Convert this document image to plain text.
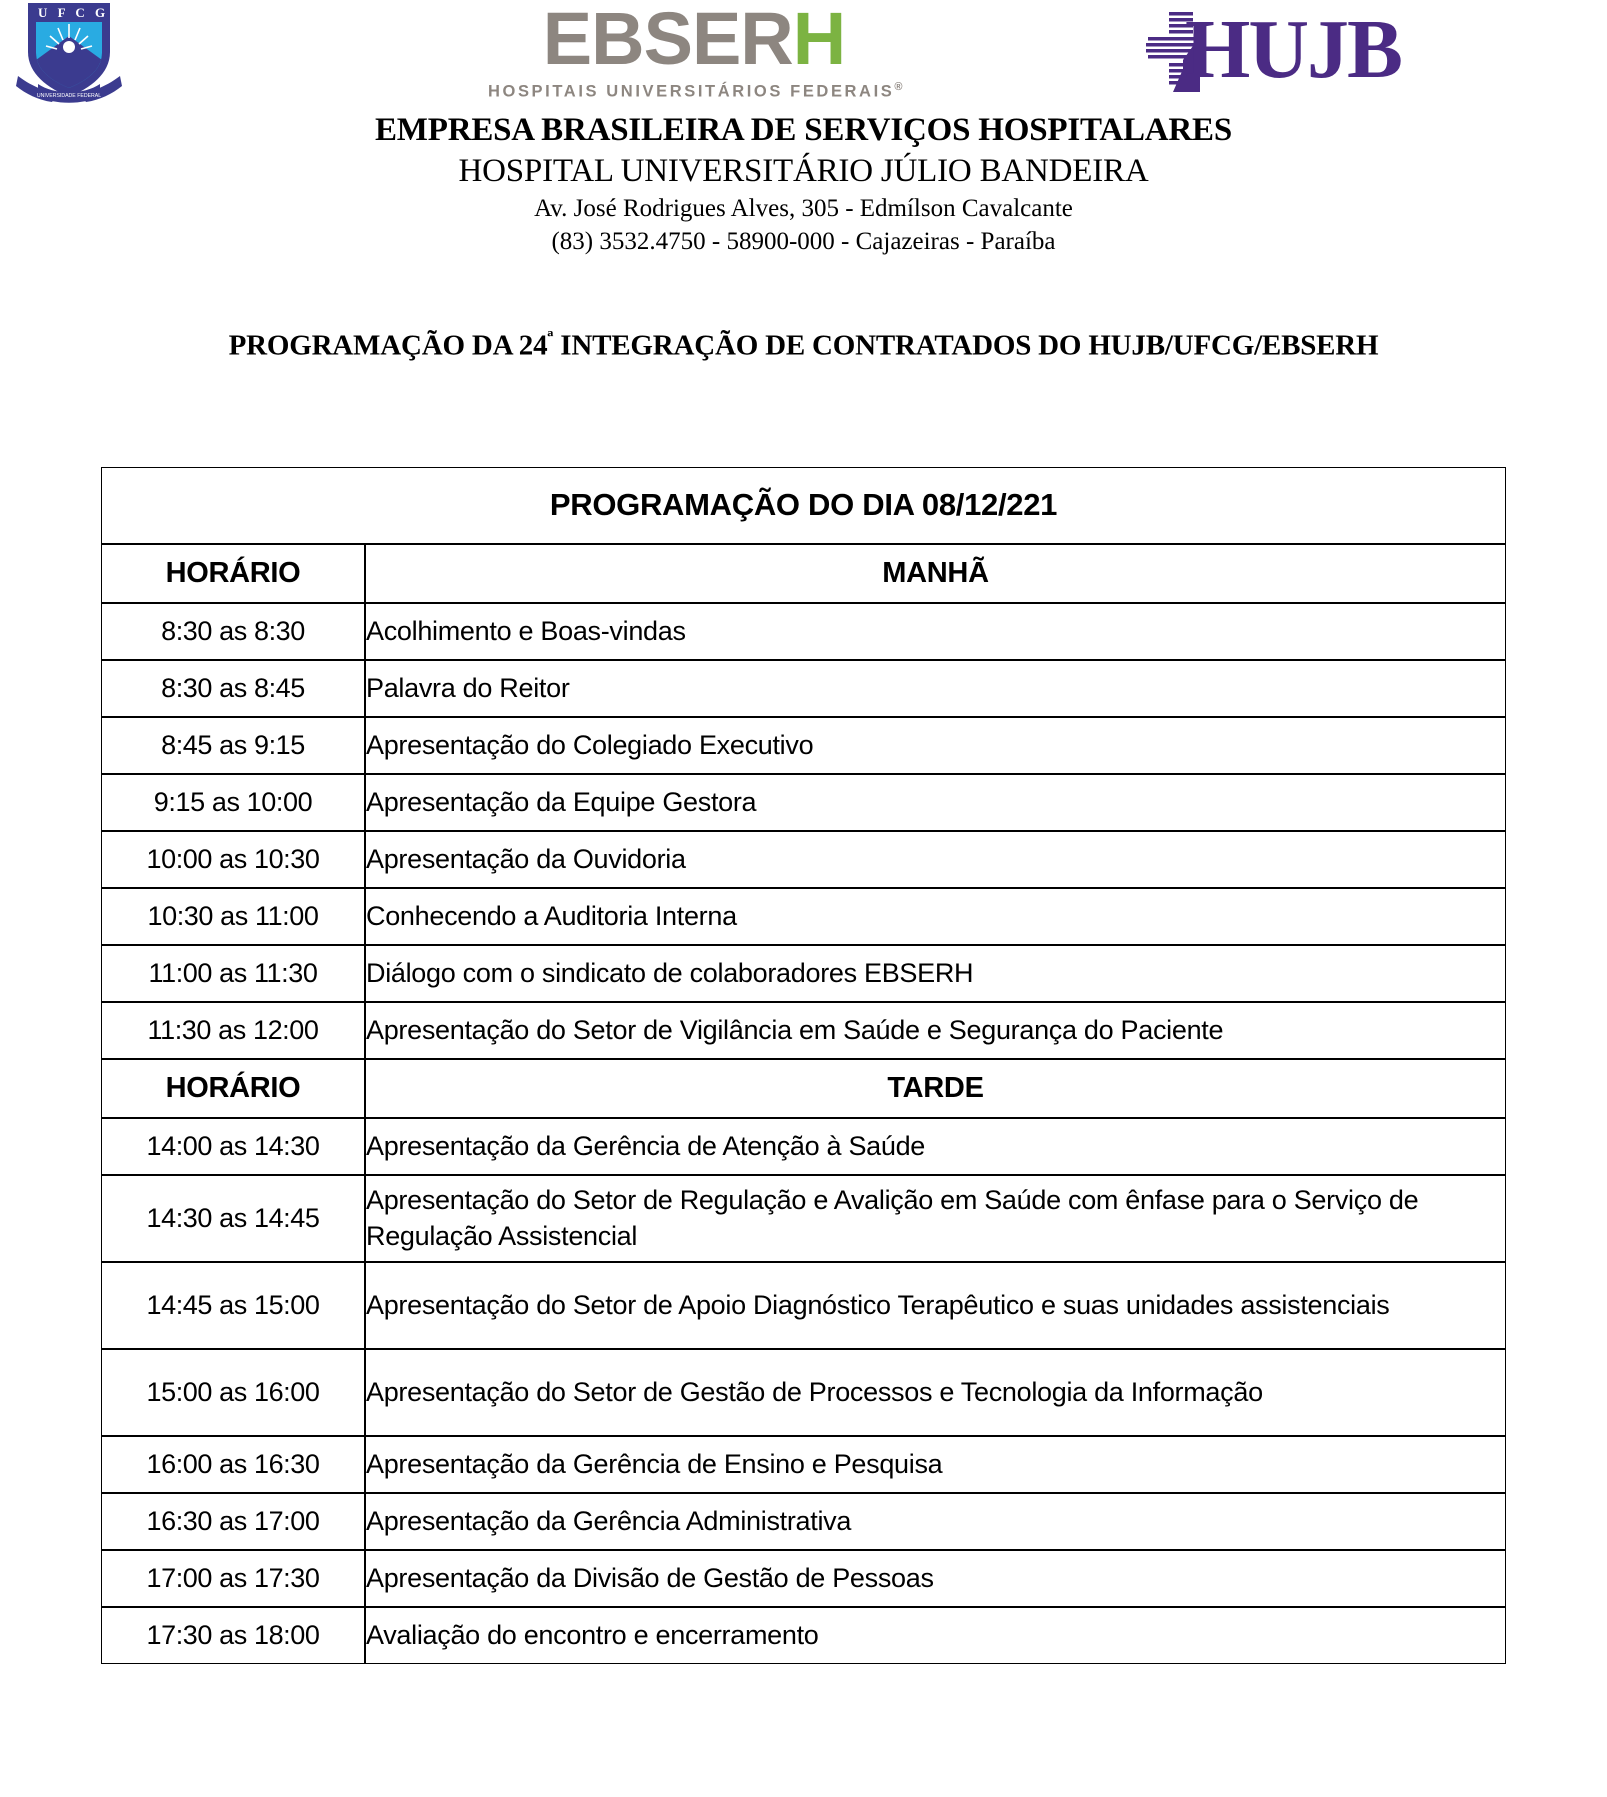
UNIVERSIDADE FEDERAL
U F C G	EBSERH
HOSPITAIS UNIVERSITÁRIOS FEDERAIS®	HUJB
EMPRESA BRASILEIRA DE SERVIÇOS HOSPITALARES
HOSPITAL UNIVERSITÁRIO JÚLIO BANDEIRA
Av. José Rodrigues Alves, 305 - Edmílson Cavalcante
(83) 3532.4750 - 58900-000 - Cajazeiras - Paraíba
PROGRAMAÇÃO DA $24^ª$ INTEGRAÇÃO DE CONTRATADOS DO HUJB/UFCG/EBSERH
PROGRAMAÇÃO DO DIA 08/12/221	
HORÁRIO	MANHÃ
8:30 as 8:30	Acolhimento e Boas-vindas
8:30 as 8:45	Palavra do Reitor
8:45 as 9:15	Apresentação do Colegiado Executivo
9:15 as 10:00	Apresentação da Equipe Gestora
10:00 as 10:30	Apresentação da Ouvidoria
10:30 as 11:00	Conhecendo a Auditoria Interna
11:00 as 11:30	Diálogo com o sindicato de colaboradores EBSERH
11:30 as 12:00	Apresentação do Setor de Vigilância em Saúde e Segurança do Paciente
HORÁRIO	TARDE
14:00 as 14:30	Apresentação da Gerência de Atenção à Saúde
14:30 as 14:45	Apresentação do Setor de Regulação e Avalição em Saúde com ênfase para o Serviço de Regulação Assistencial
14:45 as 15:00	Apresentação do Setor de Apoio Diagnóstico Terapêutico e suas unidades assistenciais
15:00 as 16:00	Apresentação do Setor de Gestão de Processos e Tecnologia da Informação
16:00 as 16:30	Apresentação da Gerência de Ensino e Pesquisa
16:30 as 17:00	Apresentação da Gerência Administrativa
17:00 as 17:30	Apresentação da Divisão de Gestão de Pessoas
17:30 as 18:00	Avaliação do encontro e encerramento
